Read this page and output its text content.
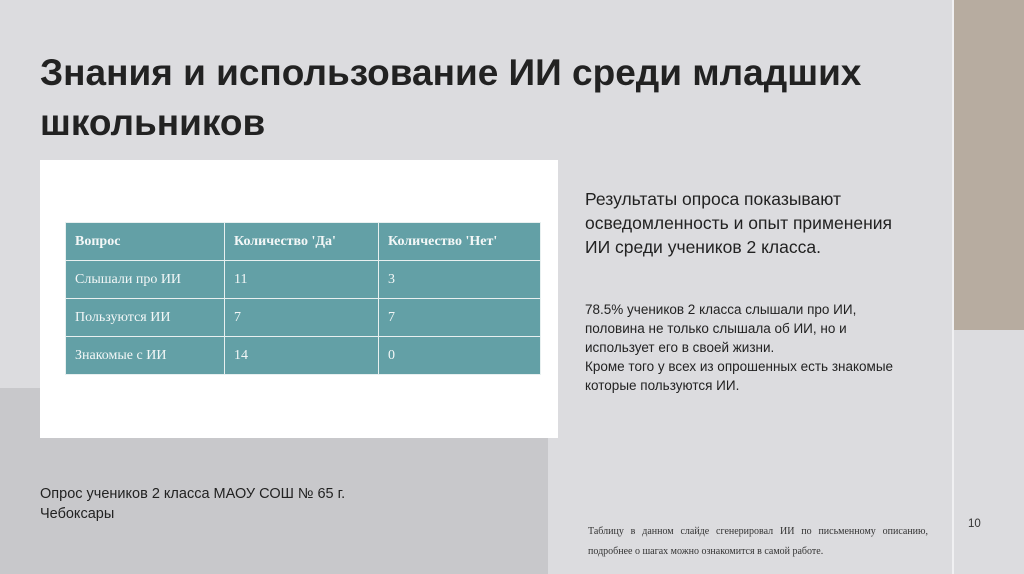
Знания и использование ИИ среди младших школьников
Вопрос	Количество 'Да'	Количество 'Нет'
Слышали про ИИ	11	3
Пользуются ИИ	7	7
Знакомые с ИИ	14	0
Результаты опроса показывают осведомленность и опыт применения ИИ среди учеников 2 класса.
78.5% учеников 2 класса слышали про ИИ, половина не только слышала об ИИ, но и использует его в своей жизни.
Кроме того у всех из опрошенных есть знакомые которые пользуются ИИ.
Опрос учеников 2 класса МАОУ СОШ № 65 г. Чебоксары
Таблицу в данном слайде сгенерировал ИИ по письменному описанию, подробнее о шагах можно ознакомится в самой работе.
10
